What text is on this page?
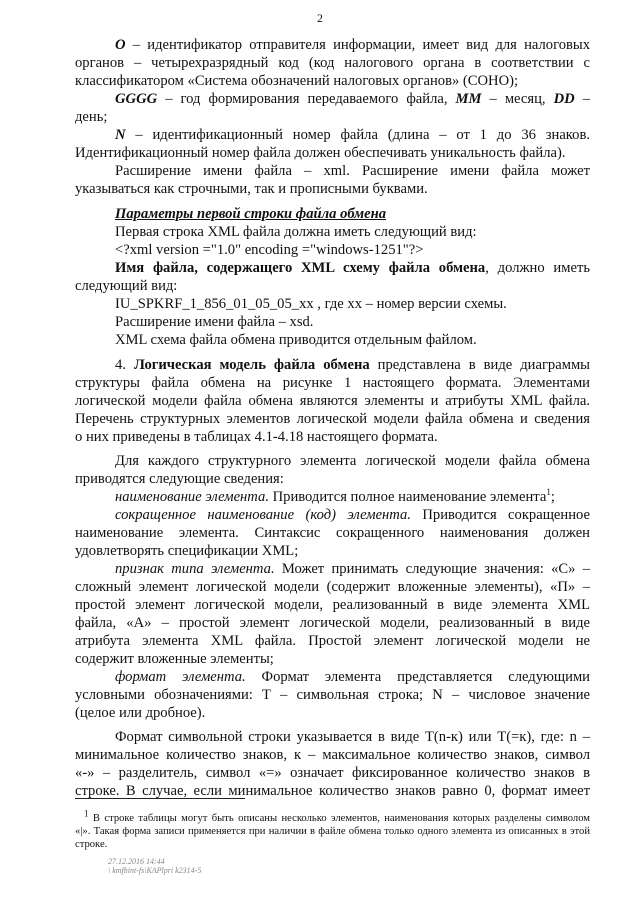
2
O – идентификатор отправителя информации, имеет вид для налоговых
органов – четырехразрядный код (код налогового органа в соответствии с
классификатором «Система обозначений налоговых органов» (СОНО);
GGGG – год формирования передаваемого файла, MM – месяц, DD –
день;
N – идентификационный номер файла (длина – от 1 до 36 знаков.
Идентификационный номер файла должен обеспечивать уникальность файла).
Расширение имени файла – xml. Расширение имени файла может
указываться как строчными, так и прописными буквами.
Параметры первой строки файла обмена
Первая строка XML файла должна иметь следующий вид:
<?xml version ="1.0" encoding ="windows-1251"?>
Имя файла, содержащего XML схему файла обмена, должно иметь
следующий вид:
IU_SPKRF_1_856_01_05_05_xx , где хх – номер версии схемы.
Расширение имени файла – xsd.
XML схема файла обмена приводится отдельным файлом.
4. Логическая модель файла обмена представлена в виде диаграммы
структуры файла обмена на рисунке 1 настоящего формата. Элементами
логической модели файла обмена являются элементы и атрибуты XML файла.
Перечень структурных элементов логической модели файла обмена и сведения
о них приведены в таблицах 4.1-4.18 настоящего формата.
Для каждого структурного элемента логической модели файла обмена
приводятся следующие сведения:
наименование элемента. Приводится полное наименование элемента$^1$;
сокращенное наименование (код) элемента. Приводится сокращенное
наименование элемента. Синтаксис сокращенного наименования должен
удовлетворять спецификации XML;
признак типа элемента. Может принимать следующие значения: «С» –
сложный элемент логической модели (содержит вложенные элементы), «П» –
простой элемент логической модели, реализованный в виде элемента XML
файла, «А» – простой элемент логической модели, реализованный в виде
атрибута элемента XML файла. Простой элемент логической модели не
содержит вложенные элементы;
формат элемента. Формат элемента представляется следующими
условными обозначениями: Т – символьная строка; N – числовое значение
(целое или дробное).
Формат символьной строки указывается в виде Т(n-к) или Т(=к), где: n –
минимальное количество знаков, к – максимальное количество знаков, символ
«-» – разделитель, символ «=» означает фиксированное количество знаков в
строке. В случае, если минимальное количество знаков равно 0, формат имеет
$^1$ В строке таблицы могут быть описаны несколько элементов, наименования которых разделены символом
«|». Такая форма записи применяется при наличии в файле обмена только одного элемента из описанных в этой
строке.
27.12.2016 14:44
\ kmfhint-fs\KAPlpri k2314-5
